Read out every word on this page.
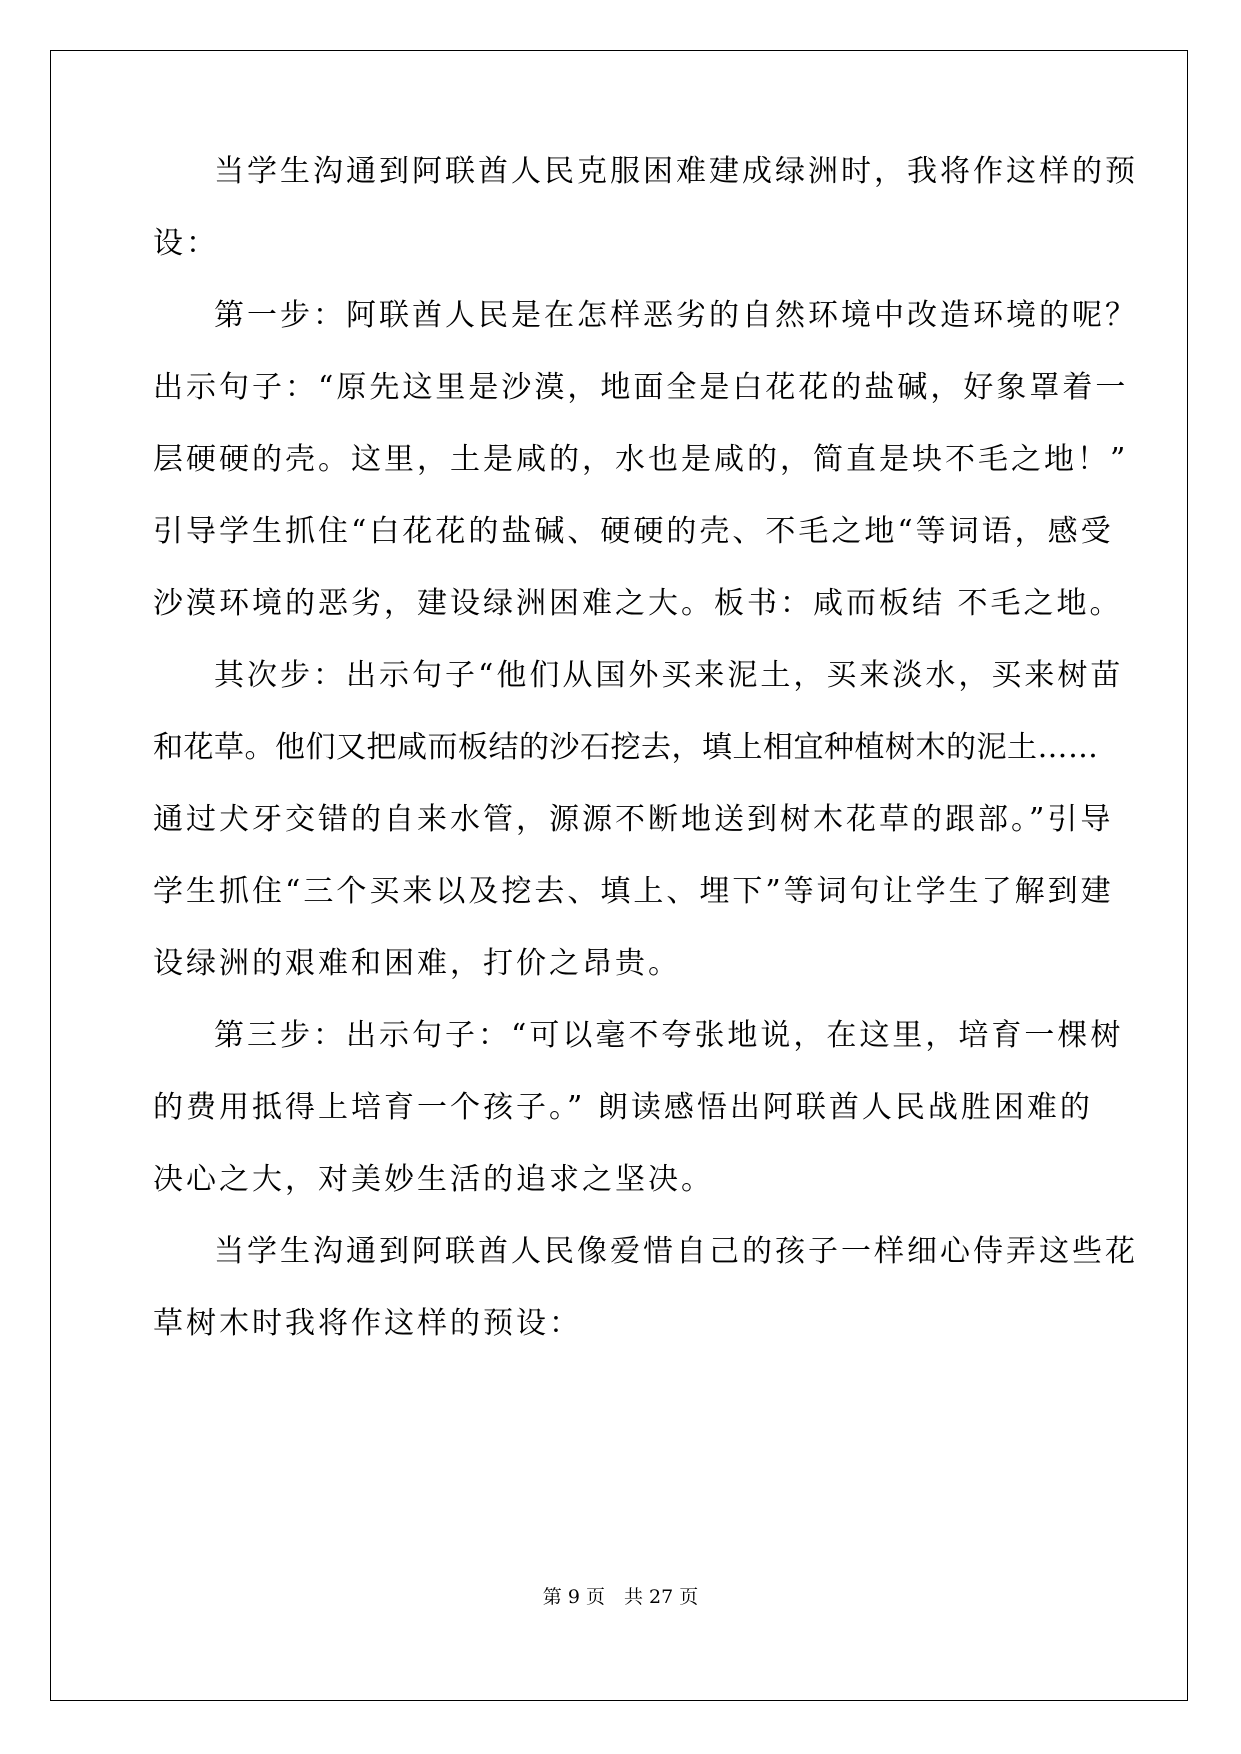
当学生沟通到阿联酋人民克服困难建成绿洲时，我将作这样的预
设：
第一步：阿联酋人民是在怎样恶劣的自然环境中改造环境的呢？
出示句子：“原先这里是沙漠，地面全是白花花的盐碱，好象罩着一
层硬硬的壳。这里，土是咸的，水也是咸的，简直是块不毛之地！”
引导学生抓住“白花花的盐碱、硬硬的壳、不毛之地“等词语，感受
沙漠环境的恶劣，建设绿洲困难之大。板书：咸而板结 不毛之地。
其次步：出示句子“他们从国外买来泥土，买来淡水，买来树苗
和花草。他们又把咸而板结的沙石挖去，填上相宜种植树木的泥土……
通过犬牙交错的自来水管，源源不断地送到树木花草的跟部。”引导
学生抓住“三个买来以及挖去、填上、埋下”等词句让学生了解到建
设绿洲的艰难和困难，打价之昂贵。
第三步：出示句子：“可以毫不夸张地说，在这里，培育一棵树
的费用抵得上培育一个孩子。” 朗读感悟出阿联酋人民战胜困难的
决心之大，对美妙生活的追求之坚决。
当学生沟通到阿联酋人民像爱惜自己的孩子一样细心侍弄这些花
草树木时我将作这样的预设：
第 9 页　共 27 页
